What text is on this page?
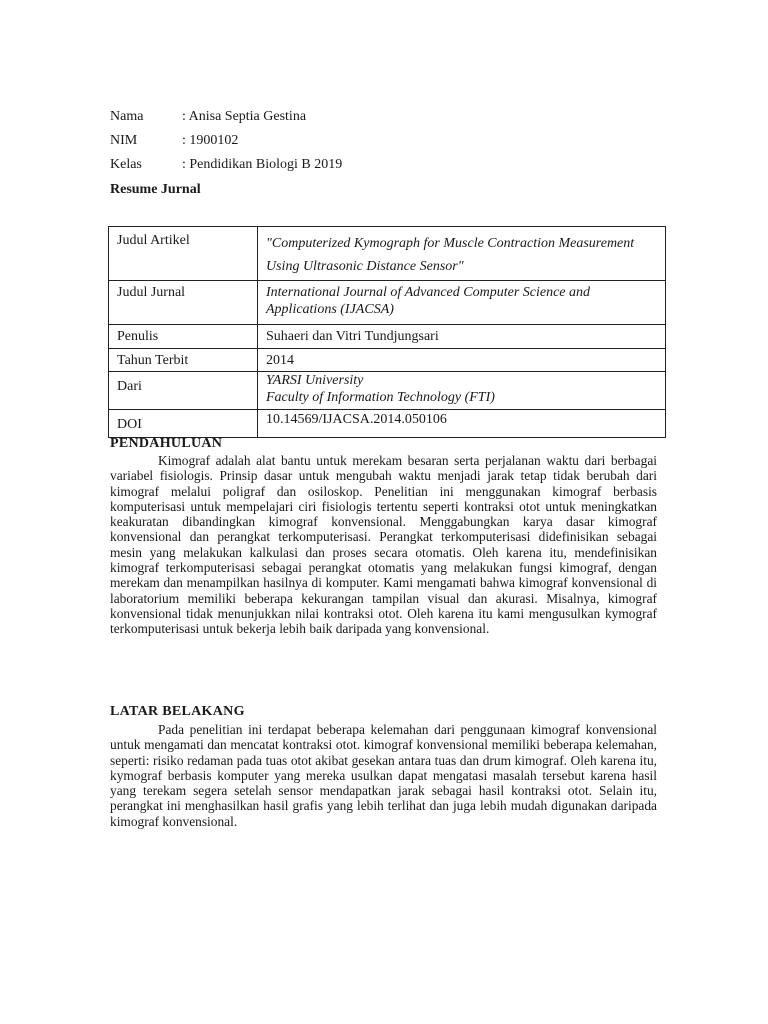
Nama	: Anisa Septia Gestina
NIM	: 1900102
Kelas	: Pendidikan Biologi B 2019
Resume Jurnal
Judul Artikel	"Computerized Kymograph for Muscle Contraction Measurement Using Ultrasonic Distance Sensor"
Judul Jurnal	International Journal of Advanced Computer Science and Applications (IJACSA)
Penulis	Suhaeri dan Vitri Tundjungsari
Tahun Terbit	2014
Dari	YARSI University
Faculty of Information Technology (FTI)

DOI	10.14569/IJACSA.2014.050106
PENDAHULUAN

Kimograf adalah alat bantu untuk merekam besaran serta perjalanan waktu dari berbagai variabel fisiologis. Prinsip dasar untuk mengubah waktu menjadi jarak tetap tidak berubah dari kimograf melalui poligraf dan osiloskop. Penelitian ini menggunakan kimograf berbasis komputerisasi untuk mempelajari ciri fisiologis tertentu seperti kontraksi otot untuk meningkatkan keakuratan dibandingkan kimograf konvensional. Menggabungkan karya dasar kimograf konvensional dan perangkat terkomputerisasi. Perangkat terkomputerisasi didefinisikan sebagai mesin yang melakukan kalkulasi dan proses secara otomatis. Oleh karena itu, mendefinisikan kimograf terkomputerisasi sebagai perangkat otomatis yang melakukan fungsi kimograf, dengan merekam dan menampilkan hasilnya di komputer. Kami mengamati bahwa kimograf konvensional di laboratorium memiliki beberapa kekurangan tampilan visual dan akurasi. Misalnya, kimograf konvensional tidak menunjukkan nilai kontraksi otot. Oleh karena itu kami mengusulkan kymograf terkomputerisasi untuk bekerja lebih baik daripada yang konvensional.

LATAR BELAKANG

Pada penelitian ini terdapat beberapa kelemahan dari penggunaan kimograf konvensional untuk mengamati dan mencatat kontraksi otot. kimograf konvensional memiliki beberapa kelemahan, seperti: risiko redaman pada tuas otot akibat gesekan antara tuas dan drum kimograf. Oleh karena itu, kymograf berbasis komputer yang mereka usulkan dapat mengatasi masalah tersebut karena hasil yang terekam segera setelah sensor mendapatkan jarak sebagai hasil kontraksi otot. Selain itu, perangkat ini menghasilkan hasil grafis yang lebih terlihat dan juga lebih mudah digunakan daripada kimograf konvensional.
